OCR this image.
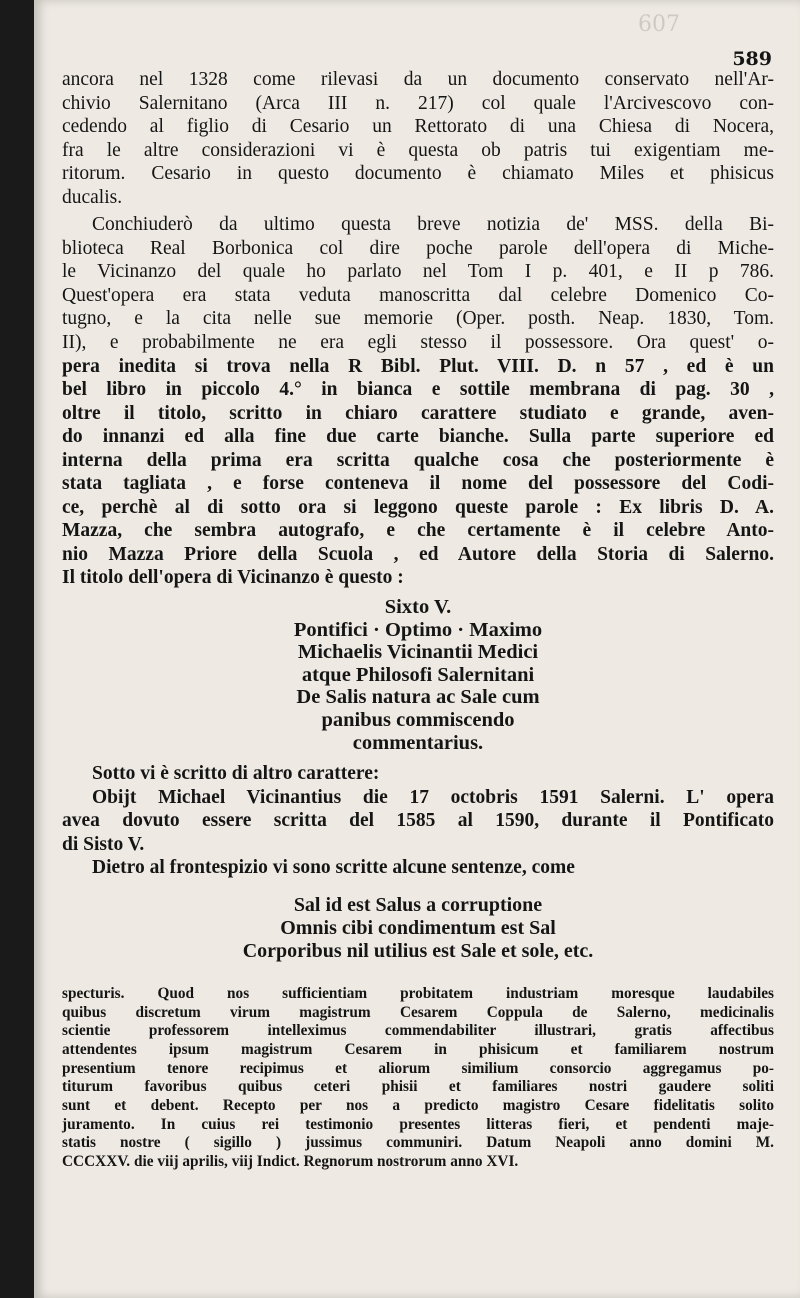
607
589
ancora nel 1328 come rilevasi da un documento conservato nell'Ar-
chivio Salernitano (Arca III n. 217) col quale l'Arcivescovo con-
cedendo al figlio di Cesario un Rettorato di una Chiesa di Nocera,
fra le altre considerazioni vi è questa ob patris tui exigentiam me-
ritorum. Cesario in questo documento è chiamato Miles et phisicus
ducalis.
Conchiuderò da ultimo questa breve notizia de' MSS. della Bi-
blioteca Real Borbonica col dire poche parole dell'opera di Miche-
le Vicinanzo del quale ho parlato nel Tom I p. 401, e II p 786.
Quest'opera era stata veduta manoscritta dal celebre Domenico Co-
tugno, e la cita nelle sue memorie (Oper. posth. Neap. 1830, Tom.
II), e probabilmente ne era egli stesso il possessore. Ora quest' o-
pera inedita si trova nella R Bibl. Plut. VIII. D. n 57 , ed è un
bel libro in piccolo 4.° in bianca e sottile membrana di pag. 30 ,
oltre il titolo, scritto in chiaro carattere studiato e grande, aven-
do innanzi ed alla fine due carte bianche. Sulla parte superiore ed
interna della prima era scritta qualche cosa che posteriormente è
stata tagliata , e forse conteneva il nome del possessore del Codi-
ce, perchè al di sotto ora si leggono queste parole : Ex libris D. A.
Mazza, che sembra autografo, e che certamente è il celebre Anto-
nio Mazza Priore della Scuola , ed Autore della Storia di Salerno.
Il titolo dell'opera di Vicinanzo è questo :
Sixto V.
Pontifici · Optimo · Maximo
Michaelis Vicinantii Medici
atque Philosofi Salernitani
De Salis natura ac Sale cum
panibus commiscendo
commentarius.
Sotto vi è scritto di altro carattere:
Obijt Michael Vicinantius die 17 octobris 1591 Salerni. L' opera
avea dovuto essere scritta del 1585 al 1590, durante il Pontificato
di Sisto V.
Dietro al frontespizio vi sono scritte alcune sentenze, come
Sal id est Salus a corruptione
Omnis cibi condimentum est Sal
Corporibus nil utilius est Sale et sole, etc.
specturis. Quod nos sufficientiam probitatem industriam moresque laudabiles
quibus discretum virum magistrum Cesarem Coppula de Salerno, medicinalis
scientie professorem intelleximus commendabiliter illustrari, gratis affectibus
attendentes ipsum magistrum Cesarem in phisicum et familiarem nostrum
presentium tenore recipimus et aliorum similium consorcio aggregamus po-
titurum favoribus quibus ceteri phisii et familiares nostri gaudere soliti
sunt et debent. Recepto per nos a predicto magistro Cesare fidelitatis solito
juramento. In cuius rei testimonio presentes litteras fieri, et pendenti maje-
statis nostre ( sigillo ) jussimus communiri. Datum Neapoli anno domini M.
CCCXXV. die viij aprilis, viij Indict. Regnorum nostrorum anno XVI.
